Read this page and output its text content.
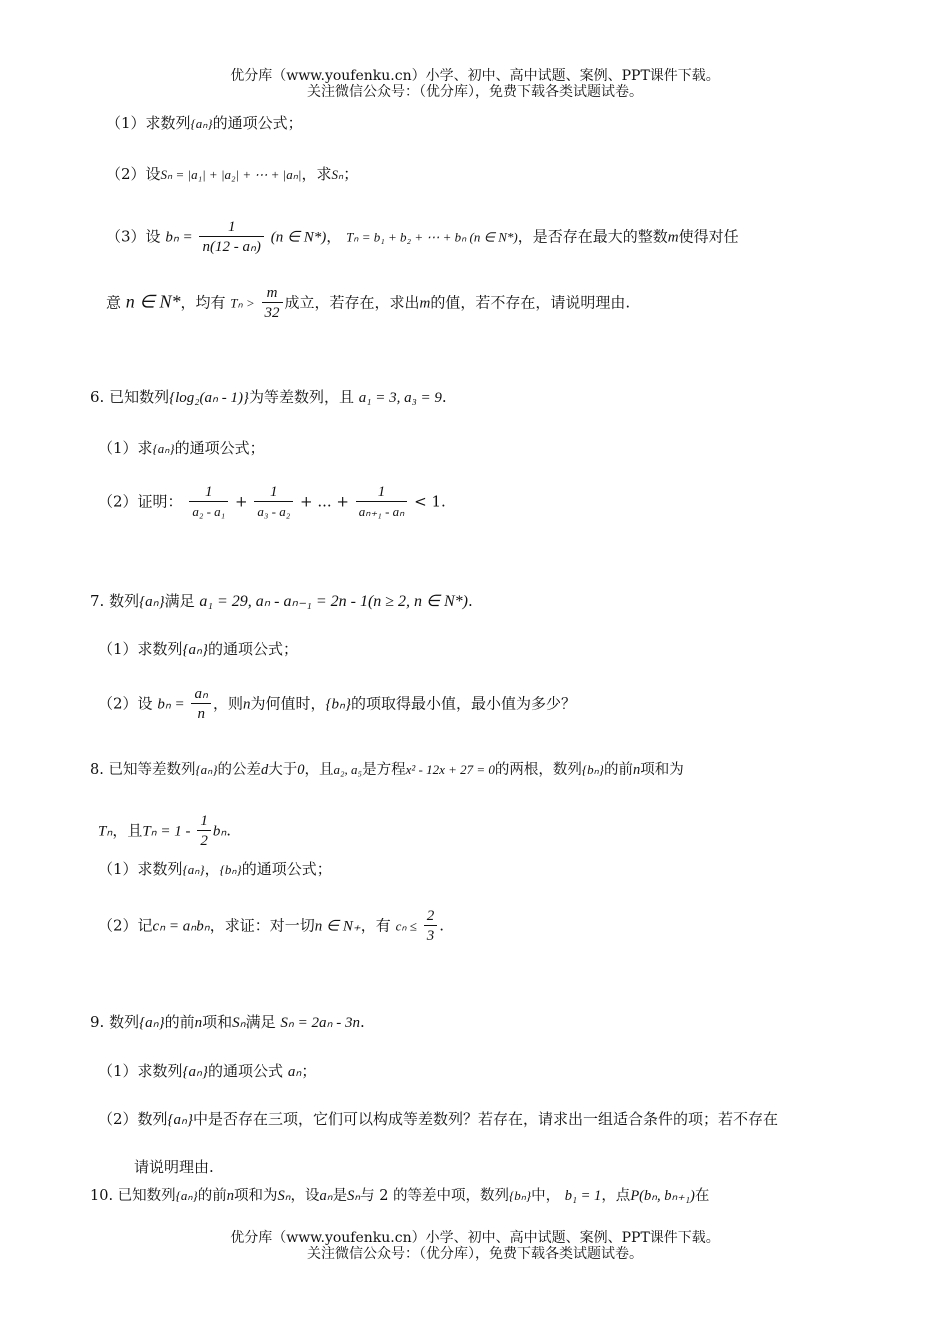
优分库（www.youfenku.cn）小学、初中、高中试题、案例、PPT课件下载。
关注微信公众号：（优分库），免费下载各类试题试卷。
（1）求数列{aₙ}的通项公式；
（2）设Sₙ = |a₁| + |a₂| + ⋯ + |aₙ|，求Sₙ；
（3）设 $b_n = \frac{1}{\text{n(12 - aₙ)}} (n$ ∈ N*)， Tₙ = b₁ + b₂ + ⋯ + bₙ (n ∈ N*)，是否存在最大的整数m使得对任
意 n ∈ N*，均有 $T_n > \frac{m}{32}$ 成立，若存在，求出m的值，若不存在，请说明理由.
6. 已知数列{log₂(aₙ - 1)}为等差数列，且 a₁ = 3, a₃ = 9.
（1）求{aₙ}的通项公式；
（2）证明： $\frac{1}{\text{a₂ - a₁}} + \frac{1}{\text{a₃ - a₂}}$ + ... + $\frac{1}{\text{aₙ₊₁ - aₙ}} < 1$.
7. 数列{aₙ}满足 a₁ = 29, aₙ - aₙ₋₁ = 2n - 1(n ≥ 2, n ∈ N*).
（1）求数列{aₙ}的通项公式；
（2）设 $b_n = \frac{\text{aₙ}}{n}$ ，则n为何值时，{bₙ}的项取得最小值，最小值为多少？
8. 已知等差数列{aₙ}的公差d大于0，且a₂, a₅是方程x² - 12x + 27 = 0的两根，数列{bₙ}的前n项和为
Tₙ，且$T_n = 1 - \frac{1}{2} b_n$.
（1）求数列{aₙ}，{bₙ}的通项公式；
（2）记cₙ = aₙbₙ，求证：对一切n ∈ N₊，有 $c_n \le \frac{2}{3}$ .
9. 数列{aₙ}的前n项和Sₙ满足 Sₙ = 2aₙ - 3n.
（1）求数列{aₙ}的通项公式 aₙ；
（2）数列{aₙ}中是否存在三项，它们可以构成等差数列？若存在，请求出一组适合条件的项；若不存在
请说明理由.
10. 已知数列{aₙ}的前n项和为Sₙ，设aₙ是Sₙ与 2 的等差中项，数列{bₙ}中， b₁ = 1，点P(bₙ, bₙ₊₁)在
优分库（www.youfenku.cn）小学、初中、高中试题、案例、PPT课件下载。
关注微信公众号：（优分库），免费下载各类试题试卷。
